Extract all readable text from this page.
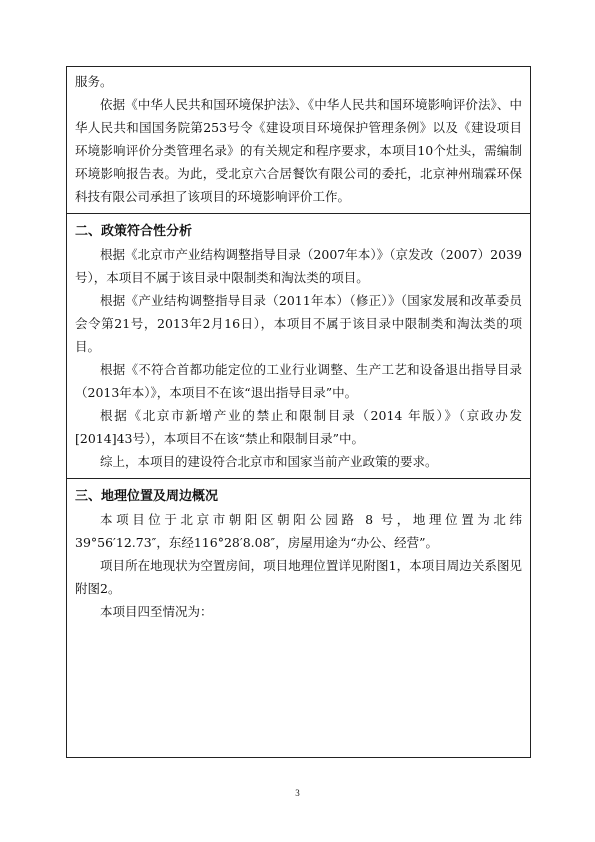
服务。

依据《中华人民共和国环境保护法》、《中华人民共和国环境影响评价法》、中华人民共和国国务院第253号令《建设项目环境保护管理条例》以及《建设项目环境影响评价分类管理名录》的有关规定和程序要求，本项目10个灶头，需编制环境影响报告表。为此，受北京六合居餐饮有限公司的委托，北京神州瑞霖环保科技有限公司承担了该项目的环境影响评价工作。

二、政策符合性分析

根据《北京市产业结构调整指导目录（2007年本）》（京发改（2007）2039号），本项目不属于该目录中限制类和淘汰类的项目。

根据《产业结构调整指导目录（2011年本）（修正）》（国家发展和改革委员会令第21号，2013年2月16日），本项目不属于该目录中限制类和淘汰类的项目。

根据《不符合首都功能定位的工业行业调整、生产工艺和设备退出指导目录（2013年本）》，本项目不在该“退出指导目录”中。

根据《北京市新增产业的禁止和限制目录（2014 年版）》（京政办发[2014]43号），本项目不在该“禁止和限制目录”中。

综上，本项目的建设符合北京市和国家当前产业政策的要求。

三、地理位置及周边概况

本项目位于北京市朝阳区朝阳公园路 8 号，地理位置为北纬39°56′12.73″，东经116°28′8.08″，房屋用途为“办公、经营”。

项目所在地现状为空置房间，项目地理位置详见附图1，本项目周边关系图见附图2。

本项目四至情况为：

3
